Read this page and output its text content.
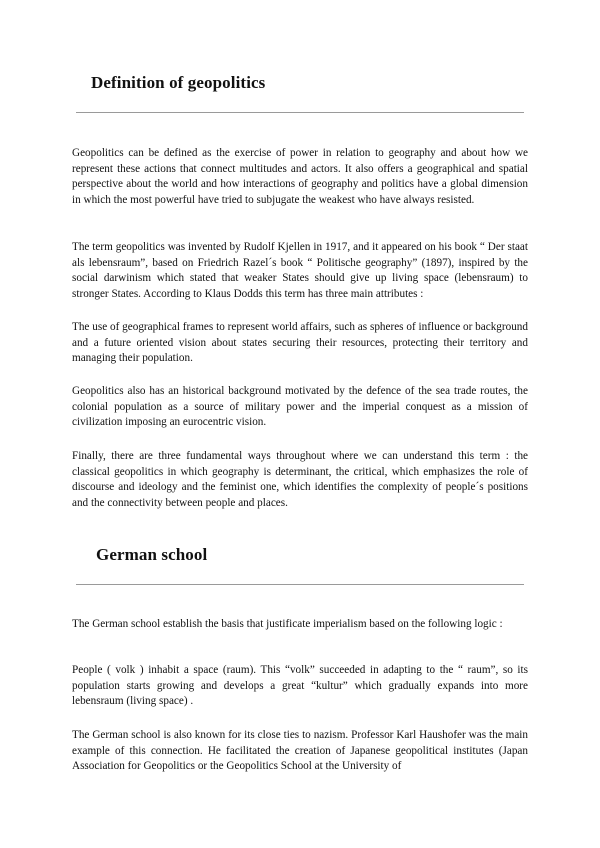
Definition of geopolitics

Geopolitics can be defined as the exercise of power in relation to geography and about how we represent these actions that connect multitudes and actors. It also offers a geographical and spatial perspective about the world and how interactions of geography and politics have a global dimension in which the most powerful have tried to subjugate the weakest who have always resisted.

The term geopolitics was invented by Rudolf Kjellen in 1917, and it appeared on his book “ Der staat als lebensraum”, based on Friedrich Razel´s book “ Politische geography” (1897), inspired by the social darwinism which stated that weaker States should give up living space (lebensraum) to stronger States. According to Klaus Dodds this term has three main attributes :

The use of geographical frames to represent world affairs, such as spheres of influence or background and a future oriented vision about states securing their resources, protecting their territory and managing their population.

Geopolitics also has an historical background motivated by the defence of the sea trade routes, the colonial population as a source of military power and the imperial conquest as a mission of civilization imposing an eurocentric vision.

Finally, there are three fundamental ways throughout where we can understand this term : the classical geopolitics in which geography is determinant, the critical, which emphasizes the role of discourse and ideology and the feminist one, which identifies the complexity of people´s positions and the connectivity between people and places.

German school

The German school establish the basis that justificate imperialism based on the following logic :

People ( volk ) inhabit a space (raum). This “volk” succeeded in adapting to the “ raum”, so its population starts growing and develops a great “kultur” which gradually expands into more lebensraum (living space) .

The German school is also known for its close ties to nazism. Professor Karl Haushofer was the main example of this connection. He facilitated the creation of Japanese geopolitical institutes (Japan Association for Geopolitics or the Geopolitics School at the University of
